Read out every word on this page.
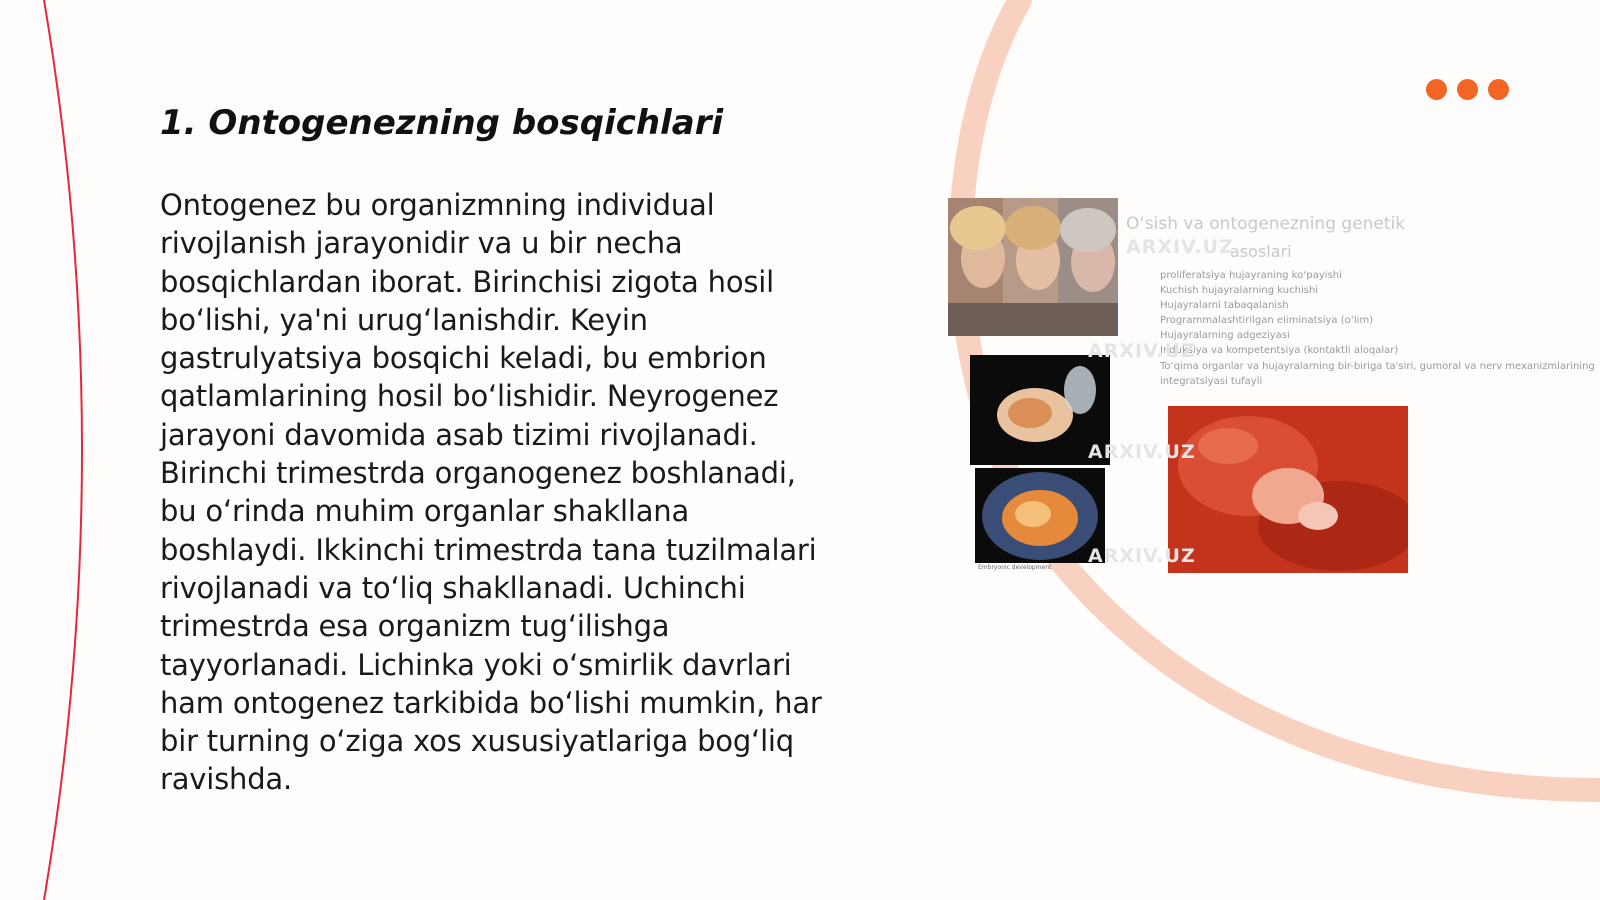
1. Ontogenezning bosqichlari

Ontogenez bu organizmning individual rivojlanish jarayonidir va u bir necha bosqichlardan iborat. Birinchisi zigota hosil bo‘lishi, ya'ni urug‘lanishdir. Keyin gastrulyatsiya bosqichi keladi, bu embrion qatlamlarining hosil bo‘lishidir. Neyrogenez jarayoni davomida asab tizimi rivojlanadi. Birinchi trimestrda organogenez boshlanadi, bu o‘rinda muhim organlar shakllana boshlaydi. Ikkinchi trimestrda tana tuzilmalari rivojlanadi va to‘liq shakllanadi. Uchinchi trimestrda esa organizm tug‘ilishga tayyorlanadi. Lichinka yoki o‘smirlik davrlari ham ontogenez tarkibida bo‘lishi mumkin, har bir turning o‘ziga xos xususiyatlariga bog‘liq ravishda.

Embryonic development
O‘sish va ontogenezning genetik
asoslari
proliferatsiya hujayraning ko‘payishi
Kuchish hujayralarning kuchishi
Hujayralarni tabaqalanish
Programmalashtirilgan eliminatsiya (o‘lim)
Hujayralarning adgeziyasi
Induksiya va kompetentsiya (kontaktli aloqalar)
To‘qima organlar va hujayralarning bir-biriga ta'siri, gumoral va nerv mexanizmlarining
integratsiyasi tufayli
ARXIV.UZ
ARXIV.UZ
ARXIV.UZ
ARXIV.UZ
